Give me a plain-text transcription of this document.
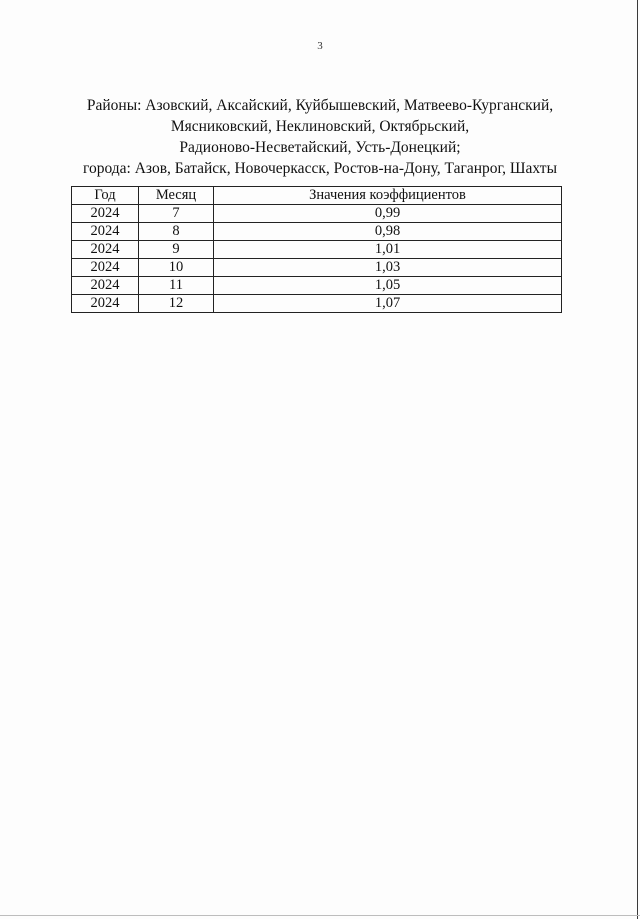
3
Районы: Азовский, Аксайский, Куйбышевский, Матвеево-Курганский,
Мясниковский, Неклиновский, Октябрьский,
Радионово-Несветайский, Усть-Донецкий;
города: Азов, Батайск, Новочеркасск, Ростов-на-Дону, Таганрог, Шахты
Год	Месяц	Значения коэффициентов
2024	7	0,99
2024	8	0,98
2024	9	1,01
2024	10	1,03
2024	11	1,05
2024	12	1,07
